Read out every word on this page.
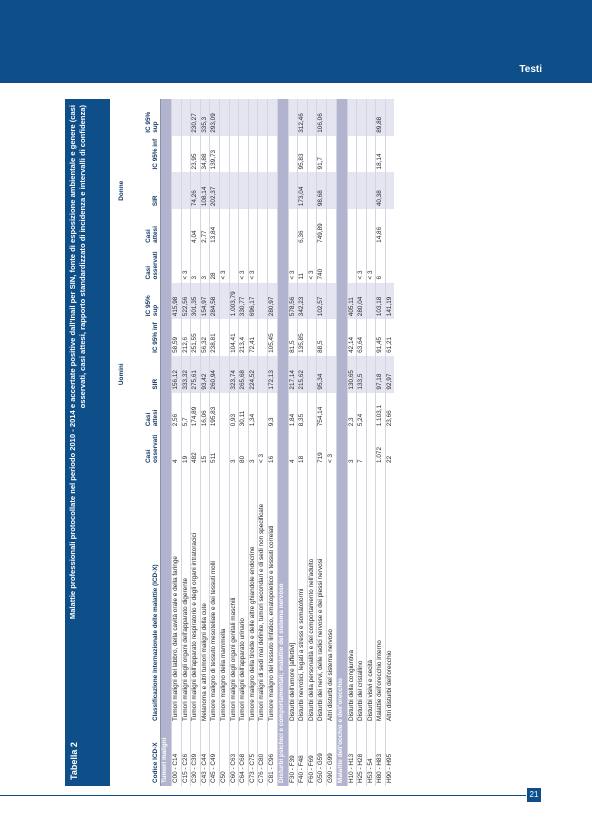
Testi
Tabella 2
Malattie professionali protocollate nel periodo 2010 - 2014 e accertate positive dall'Inail per SIN, fonte di esposizione ambientale e genere (casi osservati, casi attesi, rapporto standardizzato di incidenza e intervalli di confidenza)
		Uomini					Donne				
Codice ICD-X	Classificazione internazionale delle malattie (ICD-X)	Casi osservati	Casi attesi	SIR	IC 95% inf	IC 95% sup	Casi osservati	Casi attesi	SIR	IC 95% inf	IC 95% sup
Tumori maligni											
C00 - C14	Tumori maligni del labbro, della cavità orale e della faringe	4	2,56	156,12	58,59	415,98					
C15 - C26	Tumori maligni degli organi dell'apparato digerente	19	5,7	333,32	212,6	522,56	< 3				
C30 - C39	Tumori maligni dell'apparato respiratorio e degli organi intratoracici	482	174,89	275,61	251,55	301,35	3	4,04	74,26	23,95	230,27
C43 - C44	Melanoma e altri tumori maligni della cute	15	16,06	93,42	56,32	154,97	3	2,77	108,14	34,88	335,3
C45 - C49	Tumore maligno di tessuto mesoteliale e dei tessuti molli	511	195,83	260,94	238,81	284,58	28	13,84	202,37	139,73	293,09
C50	Tumore maligno della mammella						< 3				
C60 - C63	Tumori maligni degli organi genitali maschili	3	0,93	323,74	104,41	1.003,79					
C64 - C68	Tumori maligni dell'apparato urinario	80	30,11	265,68	213,4	330,77	< 3				
C73 - C75	Tumore maligno della tiroide e delle altre ghiandole endocrine	3	1,34	224,52	72,41	696,17	< 3				
C76 - C80	Tumori maligni di sedi mal definite, tumori secondari e di sedi non specificate	< 3									
C81 - C96	Tumore maligno del tessuto linfatico, ematopoietico e tessuti correlati	16	9,3	172,13	105,45	280,97					
Disturbi psichici e comportamentali; malattie del sistema nervoso											
F30 - F39	Disturbi dell'umore [affettivi]	4	1,84	217,14	81,5	578,56	< 3				
F40 - F48	Disturbi nevrotici, legati a stress e somatoformi	18	8,35	215,62	135,85	342,23	11	6,36	173,04	95,83	312,46
F60 - F69	Disturbi della personalità e del comportamento nell'adulto						< 3				
G50 - G59	Disturbi dei nervi, delle radici nervose e dei plessi nervosi	719	754,14	95,34	88,5	102,57	740	749,89	98,68	91,7	106,06
G90 - G99	Altri disturbi del sistema nervoso	< 3									
Malattie dell'occhio e dell'orecchio											
H10 - H13	Disturbi della congiuntiva	3	2,3	130,65	42,14	405,11					
H25 - H28	Disturbi del cristallino	7	5,24	133,5	63,64	280,04	< 3				
H53 - 54	Disturbi visivi e cecità						< 3				
H80 - H83	Malattie dell'orecchio interno	1.072	1.103,1	97,18	91,45	103,18	6	14,86	40,38	18,14	89,88
H90 - H95	Altri disturbi dell'orecchio	22	23,66	92,97	61,21	141,19					
21
